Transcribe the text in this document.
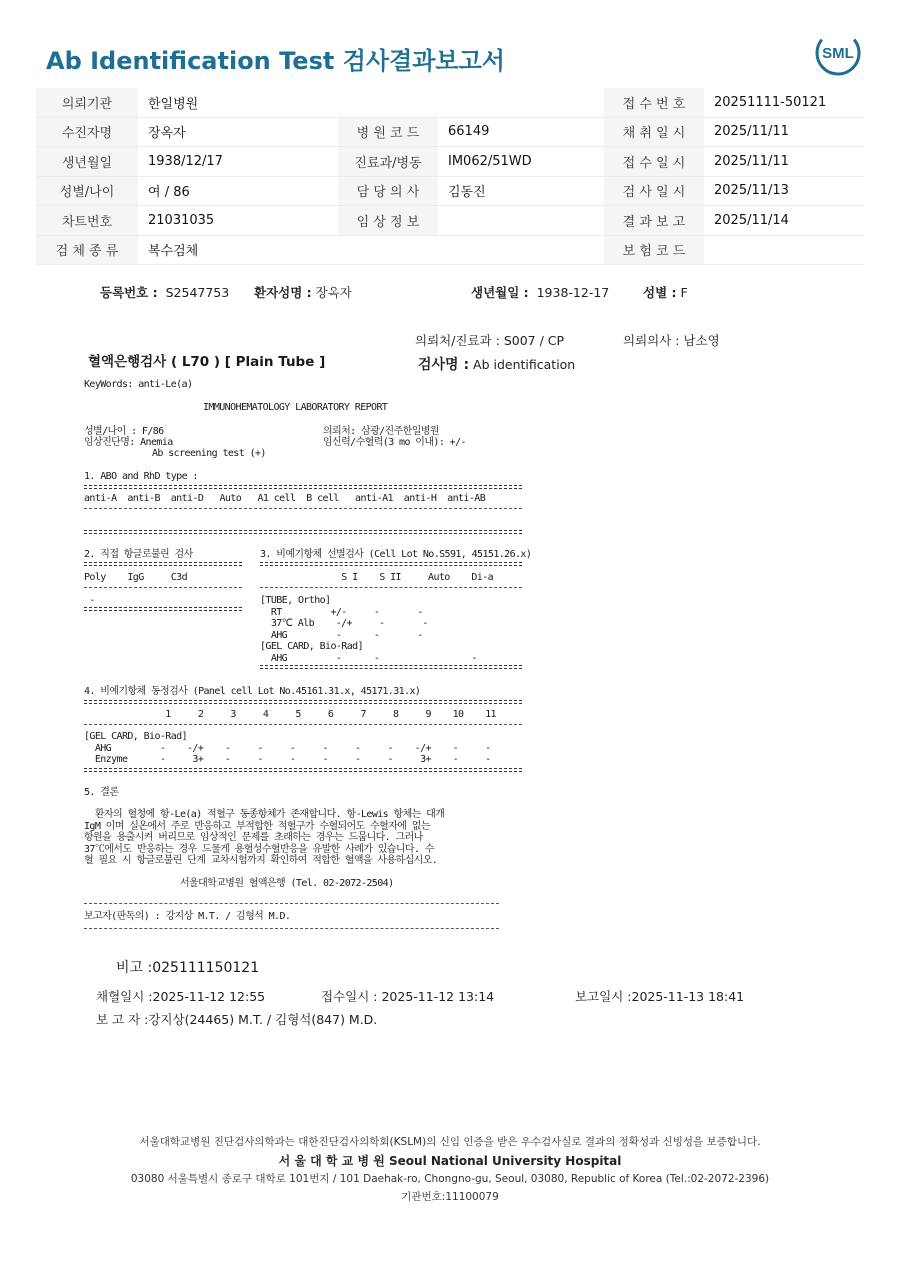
Ab Identification Test 검사결과보고서	SML
의뢰기관	한일병원			접 수 번 호	20251111-50121
수진자명	장옥자	병 원 코 드	66149	채 취 일 시	2025/11/11
생년월일	1938/12/17	진료과/병동	IM062/51WD	접 수 일 시	2025/11/11
성별/나이	여 / 86	담 당 의 사	김동진	검 사 일 시	2025/11/13
차트번호	21031035	임 상 정 보		결 과 보 고	2025/11/14
검 체 종 류	복수검체			보 험 코 드	
등록번호 : S2547753 환자성명 : 장옥자	생년월일 : 1938-12-17	성별 : F
의뢰처/진료과 : S007 / CP	의뢰의사 : 남소영
혈액은행검사 ( L70 ) [ Plain Tube ]	검사명 : Ab identification
KeyWords: anti-Le(a)
IMMUNOHEMATOLOGY LABORATORY REPORT
성별/나이 : F/86	의뢰처: 삼광/진주한일병원
임상진단명: Anemia	임신력/수혈력(3 mo 이내): +/-
Ab screening test (+)
1. ABO and RhD type :
anti-A  anti-B  anti-D   Auto   A1 cell  B cell   anti-A1  anti-H  anti-AB
2. 직접 항글로불린 검사
Poly    IgG     C3d
-
3. 비예기항체 선별검사 (Cell Lot No.S591, 45151.26.x)
S I    S II     Auto    Di-a
[TUBE, Ortho]
RT         +/-     -       -
37℃ Alb    -/+     -       -
AHG         -      -       -
[GEL CARD, Bio-Rad]
AHG         -      -                 -
4. 비예기항체 동정검사 (Panel cell Lot No.45161.31.x, 45171.31.x)
1     2     3     4     5     6     7     8     9    10    11
[GEL CARD, Bio-Rad]
AHG         -    -/+    -     -     -     -     -     -    -/+    -     -
Enzyme      -     3+    -     -     -     -     -     -     3+    -     -
5. 결론
환자의 혈청에 항-Le(a) 적혈구 동종항체가 존재합니다. 항-Lewis 항체는 대개
IgM 이며 실온에서 주로 반응하고 부적합한 적혈구가 수혈되어도 수혈자에 없는
항원을 용출시켜 버리므로 임상적인 문제를 초래하는 경우는 드뭅니다. 그러나
37℃에서도 반응하는 경우 드물게 용혈성수혈반응을 유발한 사례가 있습니다. 수
혈 필요 시 항글로불린 단계 교차시험까지 확인하여 적합한 혈액을 사용하십시오.
서울대학교병원 혈액은행 (Tel. 02-2072-2504)
보고자(판독의) : 강지상 M.T. / 김형석 M.D.
비고 :025111150121
채혈일시 :2025-11-12 12:55	접수일시 : 2025-11-12 13:14	보고일시 :2025-11-13 18:41
보 고 자 :강지상(24465) M.T. / 김형석(847) M.D.
서울대학교병원 진단검사의학과는 대한진단검사의학회(KSLM)의 신임 인증을 받은 우수검사실로 결과의 정확성과 신빙성을 보증합니다.
서 울 대 학 교 병 원 Seoul National University Hospital
03080 서울특별시 종로구 대학로 101번지 / 101 Daehak-ro, Chongno-gu, Seoul, 03080, Republic of Korea (Tel.:02-2072-2396)
기관번호:11100079
